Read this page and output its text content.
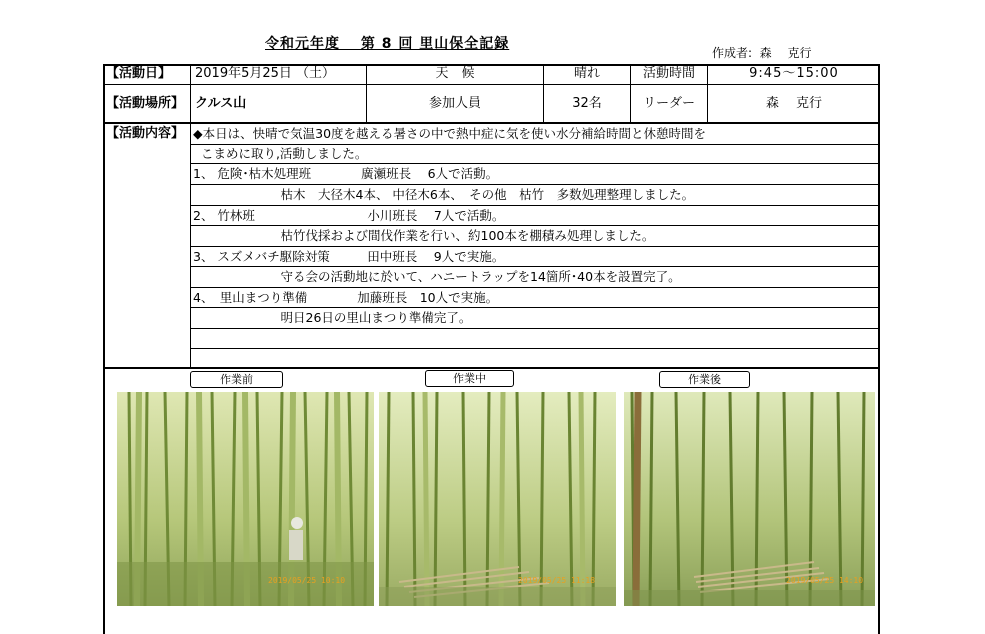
令和元年度　 第 8 回 里山保全記録
作成者:  森　 克行
【活動日】 2019年5月25日 （土）	天　候	晴れ	活動時間	9:45～15:00
【活動場所】 クルス山	参加人員	32名	リーダー	森　 克行
【活動内容】 ◆本日は、快晴で気温30度を越える暑さの中で熱中症に気を使い水分補給時間と休憩時間を
こまめに取り,活動しました。
1、 危険･枯木処理班　　　　廣瀬班長　 6人で活動。
　　　　　　　枯木　大径木4本、 中径木6本、　その他　枯竹　多数処理整理しました。
2、 竹林班　　　　　　　　　小川班長　 7人で活動。
　　　　　　　枯竹伐採および間伐作業を行い、約100本を棚積み処理しました。
3、 スズメバチ駆除対策　　　田中班長　 9人で実施。
　　　　　　　守る会の活動地に於いて、ハニートラップを14箇所･40本を設置完了。
4、　里山まつり準備　　　　加藤班長　10人で実施。
　　　　　　　明日26日の里山まつり準備完了。
作業前	作業中	作業後
2019/05/25 10:10	2019/05/25 11:18	2019/05/25 14:10
